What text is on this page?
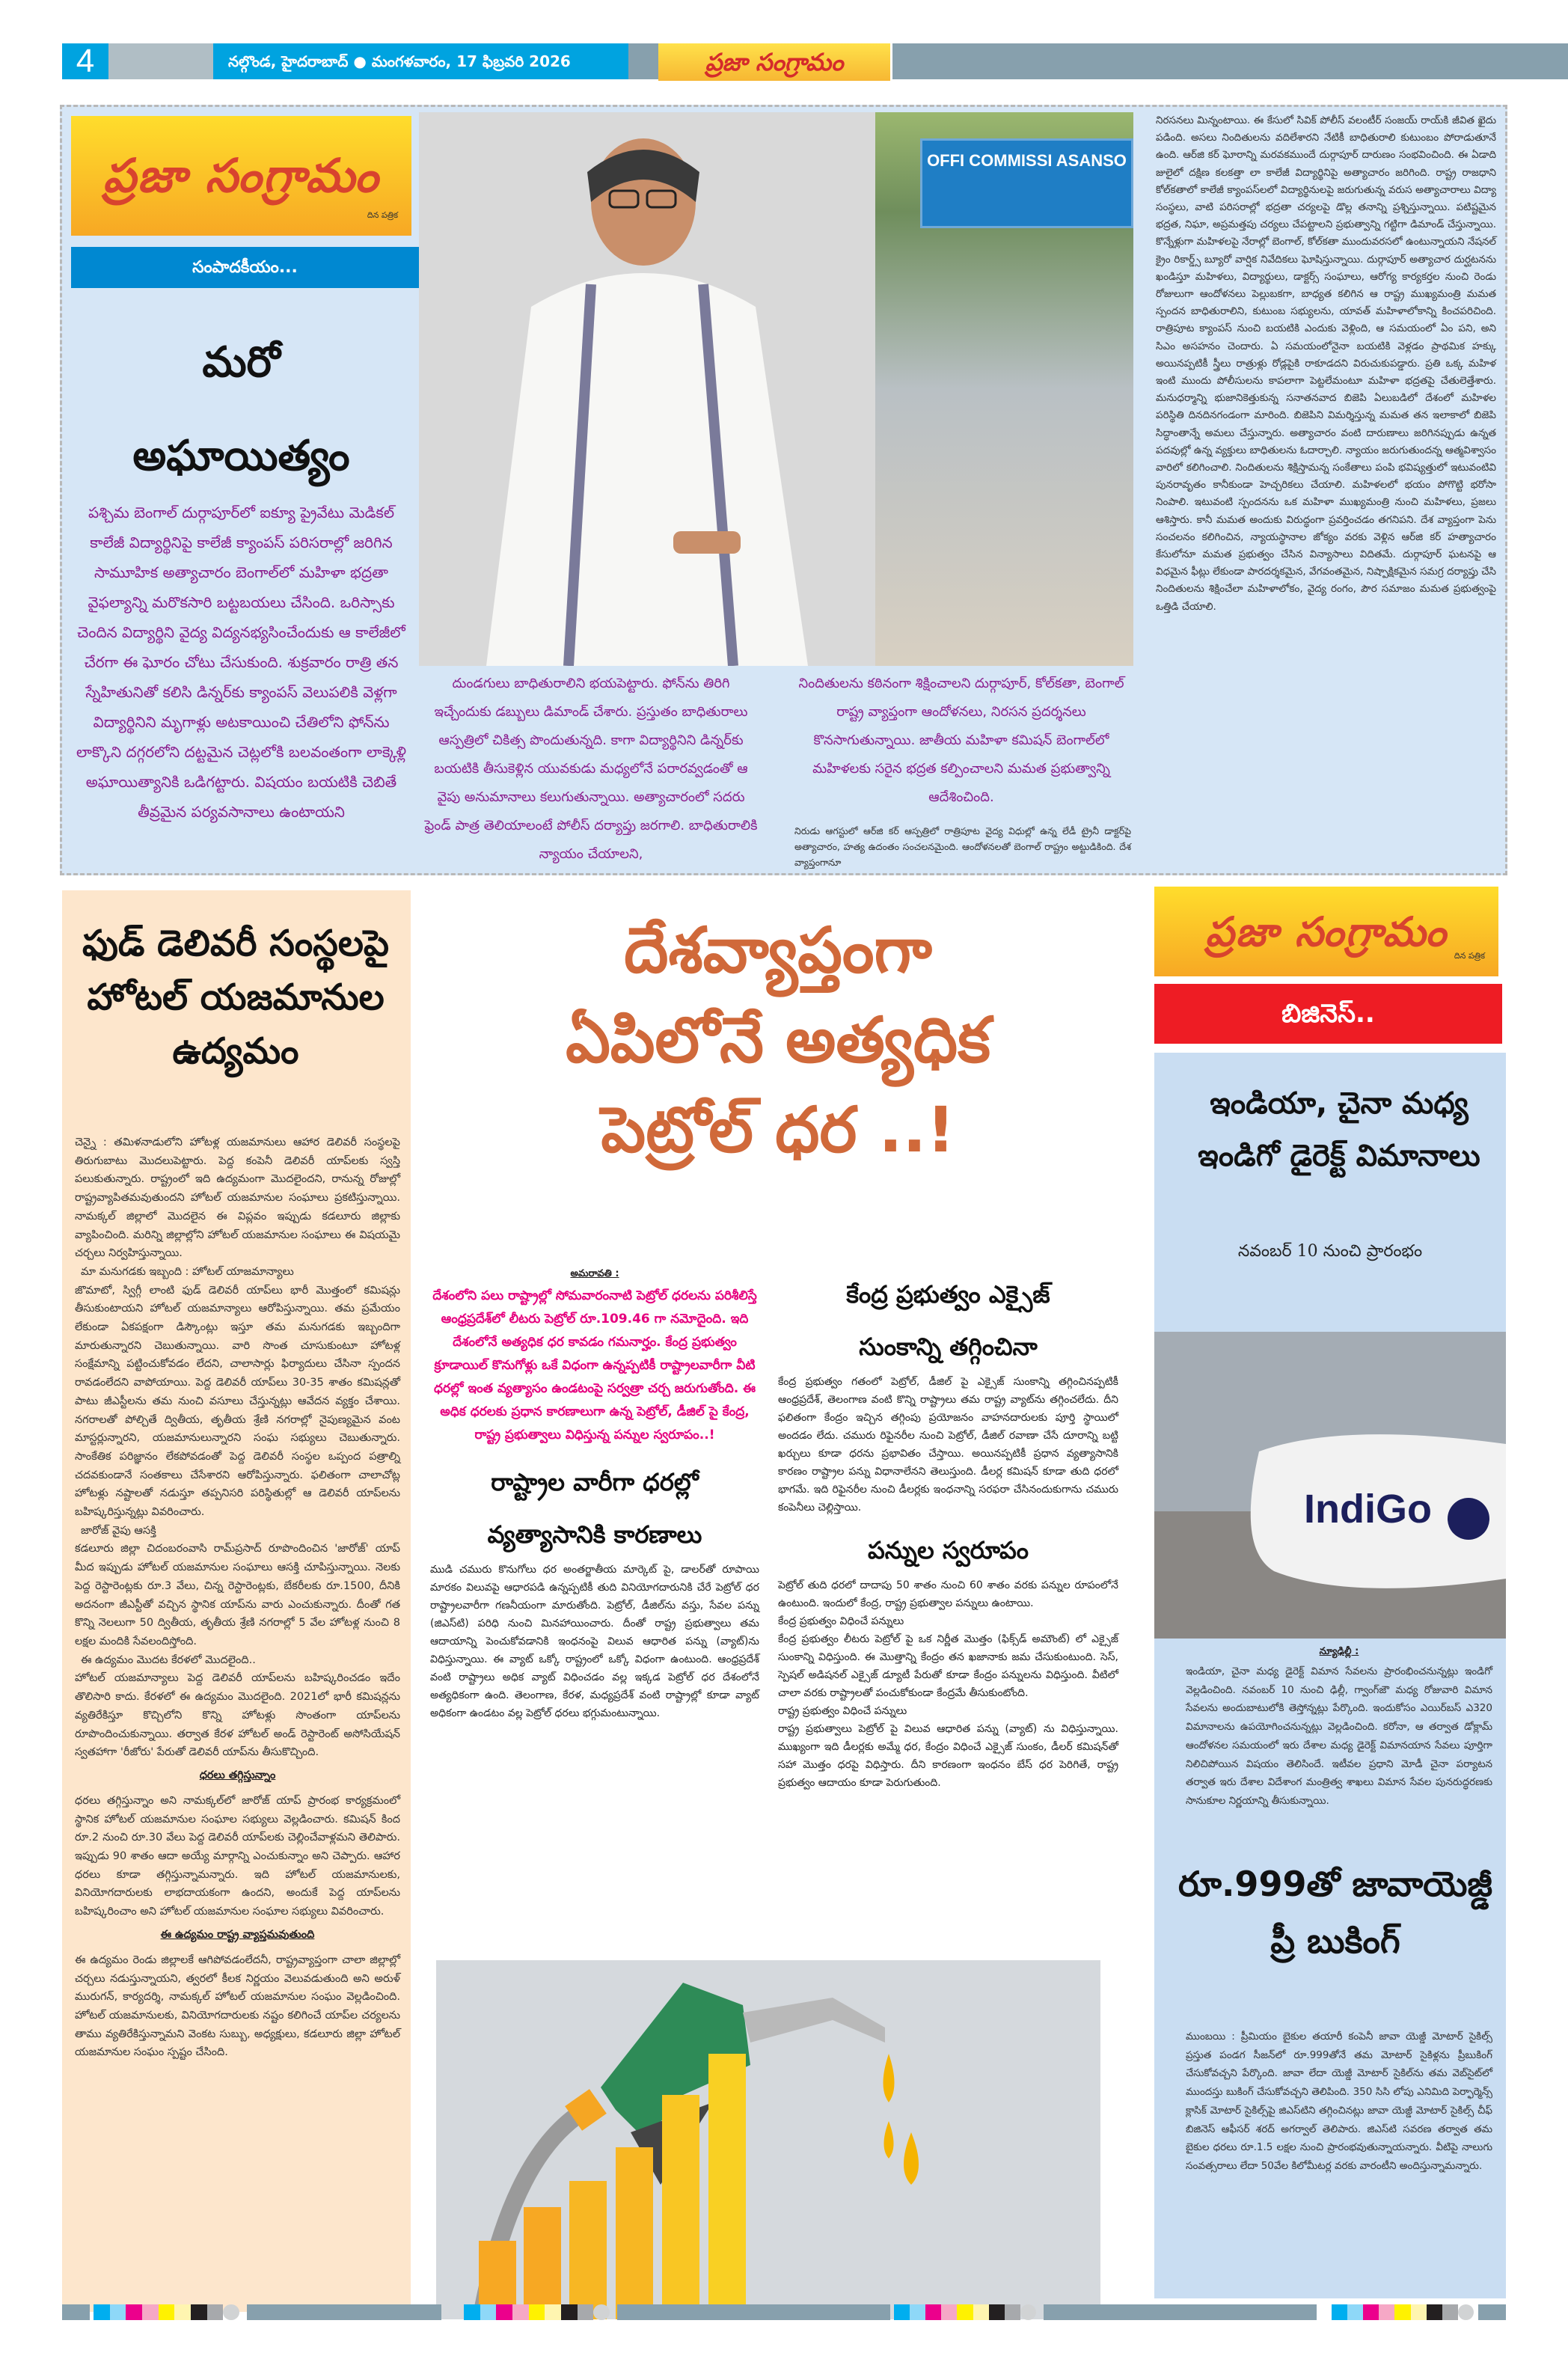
4	నల్గొండ, హైదరాబాద్ ● మంగళవారం, 17 ఫిబ్రవరి 2026	ప్రజా సంగ్రామం
ప్రజా సంగ్రామం
దిన పత్రిక
సంపాదకీయం...
మరో
అఘాయిత్యం
పశ్చిమ బెంగాల్ దుర్గాపూర్‌లో ఐక్యూ ప్రైవేటు మెడికల్ కాలేజీ విద్యార్థినిపై కాలేజీ క్యాంపస్ పరిసరాల్లో జరిగిన సామూహిక అత్యాచారం బెంగాల్‌లో మహిళా భద్రతా వైఫల్యాన్ని మరొకసారి బట్టబయలు చేసింది. ఒరిస్సాకు చెందిన విద్యార్థిని వైద్య విద్యనభ్యసించేందుకు ఆ కాలేజీలో చేరగా ఈ ఘోరం చోటు చేసుకుంది. శుక్రవారం రాత్రి తన స్నేహితునితో కలిసి డిన్నర్‌కు క్యాంపస్ వెలుపలికి వెళ్లగా విద్యార్థినిని మృగాళ్లు అటకాయించి చేతిలోని ఫోన్‌ను లాక్కొని దగ్గరలోని దట్టమైన చెట్లలోకి బలవంతంగా లాక్కెళ్లి అఘాయిత్యానికి ఒడిగట్టారు. విషయం బయటికి చెబితే తీవ్రమైన పర్యవసానాలు ఉంటాయని
OFFI COMMISSI ASANSO
దుండగులు బాధితురాలిని భయపెట్టారు. ఫోన్‌ను తిరిగి ఇచ్చేందుకు డబ్బులు డిమాండ్ చేశారు. ప్రస్తుతం బాధితురాలు ఆస్పత్రిలో చికిత్స పొందుతున్నది. కాగా విద్యార్థినిని డిన్నర్‌కు బయటికి తీసుకెళ్లిన యువకుడు మధ్యలోనే పరారవ్వడంతో ఆ వైపు అనుమానాలు కలుగుతున్నాయి. అత్యాచారంలో సదరు ఫ్రెండ్ పాత్ర తెలియాలంటే పోలీస్ దర్యాప్తు జరగాలి. బాధితురాలికి న్యాయం చేయాలని,
నిందితులను కఠినంగా శిక్షించాలని దుర్గాపూర్, కోల్‌కతా, బెంగాల్ రాష్ట్ర వ్యాప్తంగా ఆందోళనలు, నిరసన ప్రదర్శనలు కొనసాగుతున్నాయి. జాతీయ మహిళా కమిషన్ బెంగాల్‌లో మహిళలకు సరైన భద్రత కల్పించాలని మమత ప్రభుత్వాన్ని ఆదేశించింది.
నిరుడు ఆగస్టులో ఆర్‌జి కర్ ఆస్పత్రిలో రాత్రిపూట వైద్య విధుల్లో ఉన్న లేడీ ట్రైనీ డాక్టర్‌పై అత్యాచారం, హత్య ఉదంతం సంచలనమైంది. ఆందోళనలతో బెంగాల్ రాష్ట్రం అట్టుడికింది. దేశ వ్యాప్తంగానూ
నిరసనలు మిన్నంటాయి. ఈ కేసులో సివిక్ పోలీస్ వలంటీర్ సంజయ్ రాయ్‌కి జీవిత ఖైదు పడింది. అసలు నిందితులను వదిలేశారని నేటికీ బాధితురాలి కుటుంబం పోరాడుతూనే ఉంది. ఆర్‌జి కర్ ఘోరాన్ని మరవకముందే దుర్గాపూర్ దారుణం సంభవించింది. ఈ ఏడాది జులైలో దక్షిణ కలకత్తా లా కాలేజీ విద్యార్థినిపై అత్యాచారం జరిగింది. రాష్ట్ర రాజధాని కోల్‌కతాలో కాలేజీ క్యాంపస్‌లలో విద్యార్థినులపై జరుగుతున్న వరుస అత్యాచారాలు విద్యా సంస్థలు, వాటి పరిసరాల్లో భద్రతా చర్యలపై డొల్ల తనాన్ని ప్రశ్నిస్తున్నాయి. పటిష్టమైన భద్రత, నిఘా, అప్రమత్తపు చర్యలు చేపట్టాలని ప్రభుత్వాన్ని గట్టిగా డిమాండ్ చేస్తున్నాయి. కొన్నేళ్లుగా మహిళలపై నేరాల్లో బెంగాల్, కోల్‌కతా ముందువరసలో ఉంటున్నాయని నేషనల్ క్రైం రికార్డ్స్ బ్యూరో వార్షిక నివేదికలు ఘోషిస్తున్నాయి. దుర్గాపూర్ అత్యాచార దుర్ఘటనను ఖండిస్తూ మహిళలు, విద్యార్థులు, డాక్టర్స్ సంఘాలు, ఆరోగ్య కార్యకర్తల నుంచి రెండు రోజులుగా ఆందోళనలు పెల్లుబకగా, బాధ్యత కలిగిన ఆ రాష్ట్ర ముఖ్యమంత్రి మమత స్పందన బాధితురాలిని, కుటుంబ సభ్యులను, యావత్ మహిళాలోకాన్ని కించపరిచింది. రాత్రిపూట క్యాంపస్ నుంచి బయటికి ఎందుకు వెళ్లింది, ఆ సమయంలో ఏం పని, అని సిఎం అసహనం చెందారు. ఏ సమయంలోనైనా బయటికి వెళ్లడం ప్రాథమిక హక్కు అయినప్పటికీ స్త్రీలు రాత్రుళ్లు రోడ్లపైకి రాకూడదని విరుచుకుపడ్డారు. ప్రతి ఒక్క మహిళ ఇంటి ముందు పోలీసులను కాపలాగా పెట్టలేమంటూ మహిళా భద్రతపై చేతులెత్తేశారు. మనుధర్మాన్ని భుజానికెత్తుకున్న సనాతనవాద బిజెపి ఏలుబడిలో దేశంలో మహిళల పరిస్థితి దినదినగండంగా మారింది. బిజెపిని విమర్శిస్తున్న మమత తన ఇలాకాలో బిజెపి సిద్ధాంతాన్నే అమలు చేస్తున్నారు. అత్యాచారం వంటి దారుణాలు జరిగినప్పుడు ఉన్నత పదవుల్లో ఉన్న వ్యక్తులు బాధితులను ఓదార్చాలి. న్యాయం జరుగుతుందన్న ఆత్మవిశ్వాసం వారిలో కలిగించాలి. నిందితులను శిక్షిస్తామన్న సంకేతాలు పంపి భవిష్యత్తులో ఇటువంటివి పునరావృతం కానీకుండా హెచ్చరికలు చేయాలి. మహిళలలో భయం పోగొట్టి భరోసా నింపాలి. ఇటువంటి స్పందనను ఒక మహిళా ముఖ్యమంత్రి నుంచి మహిళలు, ప్రజలు ఆశిస్తారు. కానీ మమత అందుకు విరుద్ధంగా ప్రవర్తించడం తగనిపని. దేశ వ్యాప్తంగా పెను సంచలనం కలిగించిన, న్యాయస్థానాల జోక్యం వరకు వెళ్లిన ఆర్‌జి కర్ హత్యాచారం కేసులోనూ మమత ప్రభుత్వం చేసిన విన్యాసాలు విదితమే. దుర్గాపూర్ ఘటనపై ఆ విధమైన ఫీట్లు లేకుండా పారదర్శకమైన, వేగవంతమైన, నిష్పాక్షికమైన సమగ్ర దర్యాప్తు చేసి నిందితులను శిక్షించేలా మహిళాలోకం, వైద్య రంగం, పౌర సమాజం మమత ప్రభుత్వంపై ఒత్తిడి చేయాలి.
ఫుడ్ డెలివరీ సంస్థలపై హోటల్ యజమానుల ఉద్యమం

చెన్నై : తమిళనాడులోని హోటళ్ల యజమానులు ఆహార డెలివరీ సంస్థలపై తిరుగుబాటు మొదలుపెట్టారు. పెద్ద కంపెనీ డెలివరీ యాప్‌లకు స్వస్తి పలుకుతున్నారు. రాష్ట్రంలో ఇది ఉద్యమంగా మొదలైందని, రానున్న రోజుల్లో రాష్ట్రవ్యాపితమవుతుందని హోటల్ యజమానుల సంఘాలు ప్రకటిస్తున్నాయి. నామక్కల్ జిల్లాలో మొదలైన ఈ విప్లవం ఇప్పుడు కడలూరు జిల్లాకు వ్యాపించింది. మరిన్ని జిల్లాల్లోని హోటల్ యజమానుల సంఘాలు ఈ విషయమై చర్చలు నిర్వహిస్తున్నాయి.

మా మనుగడకు ఇబ్బంది : హోటల్ యాజమాన్యాలు

జొమాటో, స్విగ్గీ లాంటి ఫుడ్ డెలివరీ యాప్‌లు భారీ మొత్తంలో కమిషన్లు తీసుకుంటాయని హోటల్ యజమాన్యాలు ఆరోపిస్తున్నాయి. తమ ప్రమేయం లేకుండా ఏకపక్షంగా డిస్కౌంట్లు ఇస్తూ తమ మనుగడకు ఇబ్బందిగా మారుతున్నారని చెబుతున్నాయి. వారి సొంత చూసుకుంటూ హోటళ్ల సంక్షేమాన్ని పట్టించుకోవడం లేదని, చాలాసార్లు ఫిర్యాదులు చేసినా స్పందన రావడంలేదని వాపోయాయి. పెద్ద డెలివరీ యాప్‌లు 30-35 శాతం కమిషన్లతో పాటు జీఎస్టీలను తమ నుంచి వసూలు చేస్తున్నట్లు ఆవేదన వ్యక్తం చేశాయి. నగరాలతో పోల్చితే ద్వితీయ, తృతీయ శ్రేణి నగరాల్లో నైపుణ్యమైన వంట మాస్టర్లున్నారని, యజమానులున్నారని సంఘ సభ్యులు చెబుతున్నారు. సాంకేతిక పరిజ్ఞానం లేకపోవడంతో పెద్ద డెలివరీ సంస్థల ఒప్పంద పత్రాల్ని చదవకుండానే సంతకాలు చేసేశారని ఆరోపిస్తున్నారు. ఫలితంగా చాలాచోట్ల హోటళ్లు నష్టాలతో నడుస్తూ తప్పనిసరి పరిస్థితుల్లో ఆ డెలివరీ యాప్‌లను బహిష్కరిస్తున్నట్లు వివరించారు.

జారోజ్ వైపు ఆసక్తి

కడలూరు జిల్లా చిదంబరంవాసి రామ్‌ప్రసాద్ రూపొందించిన 'జారోజ్' యాప్ మీద ఇప్పుడు హోటల్ యజమానుల సంఘాలు ఆసక్తి చూపిస్తున్నాయి. నెలకు పెద్ద రెస్టారెంట్లకు రూ.3 వేలు, చిన్న రెస్టారెంట్లకు, బేకరీలకు రూ.1500, దీనికి అదనంగా జీఎస్టీతో వచ్చిన స్థానిక యాప్‌ను వారు ఎంచుకున్నారు. దీంతో గత కొన్ని నెలలుగా 50 ద్వితీయ, తృతీయ శ్రేణి నగరాల్లో 5 వేల హోటళ్ల నుంచి 8 లక్షల మందికి సేవలందిస్తోంది.

ఈ ఉద్యమం మొదట కేరళలో మొదలైంది..

హోటల్ యజమాన్యాలు పెద్ద డెలివరీ యాప్‌లను బహిష్కరించడం ఇదేం తొలిసారి కాదు. కేరళలో ఈ ఉద్యమం మొదలైంది. 2021లో భారీ కమిషన్లను వ్యతిరేకిస్తూ కొచ్చిలోని కొన్ని హోటళ్లు సొంతంగా యాప్‌లను రూపొందించుకున్నాయి. తర్వాత కేరళ హోటల్ అండ్ రెస్టారెంట్ అసోసియేషన్ స్వతహాగా 'రీజోరు' పేరుతో డెలివరీ యాప్‌ను తీసుకొచ్చింది.

ధరలు తగ్గిస్తున్నాం

ధరలు తగ్గిస్తున్నాం అని నామక్కల్‌లో జారోజ్ యాప్ ప్రారంభ కార్యక్రమంలో స్థానిక హోటల్ యజమానుల సంఘాల సభ్యులు వెల్లడించారు. కమిషన్ కింద రూ.2 నుంచి రూ.30 వేలు పెద్ద డెలివరీ యాప్‌లకు చెల్లించేవాళ్లమని తెలిపారు. ఇప్పుడు 90 శాతం ఆదా అయ్యే మార్గాన్ని ఎంచుకున్నాం అని చెప్పారు. ఆహార ధరలు కూడా తగ్గిస్తున్నామన్నారు. ఇది హోటల్ యజమానులకు, వినియోగదారులకు లాభదాయకంగా ఉందని, అందుకే పెద్ద యాప్‌లను బహిష్కరించాం అని హోటల్ యజమానుల సంఘాల సభ్యులు వివరించారు.

ఈ ఉద్యమం రాష్ట్ర వ్యాప్తమవుతుంది

ఈ ఉద్యమం రెండు జిల్లాలకే ఆగిపోవడంలేదనీ, రాష్ట్రవ్యాప్తంగా చాలా జిల్లాల్లో చర్చలు నడుస్తున్నాయని, త్వరలో కీలక నిర్ణయం వెలువడుతుంది అని అరుళ్ మురుగన్, కార్యదర్శి, నామక్కల్ హోటల్ యజమానుల సంఘం వెల్లడించింది. హోటల్ యజమానులకు, వినియోగదారులకు నష్టం కలిగించే యాప్‌ల చర్యలను తాము వ్యతిరేకిస్తున్నామని వెంకట సుబ్బు, అధ్యక్షులు, కడలూరు జిల్లా హోటల్ యజమానుల సంఘం స్పష్టం చేసింది.

దేశవ్యాప్తంగా
ఏపిలోనే అత్యధిక
పెట్రోల్ ధర ..!

అమరావతి :

దేశంలోని పలు రాష్ట్రాల్లో సోమవారంనాటి పెట్రోల్ ధరలను పరిశీలిస్తే ఆంధ్రప్రదేశ్‌లో లీటరు పెట్రోల్ రూ.109.46 గా నమోదైంది. ఇది దేశంలోనే అత్యధిక ధర కావడం గమనార్హం. కేంద్ర ప్రభుత్వం క్రూడాయిల్ కొనుగోళ్లు ఒకే విధంగా ఉన్నప్పటికీ రాష్ట్రాలవారీగా వీటి ధరల్లో ఇంత వ్యత్యాసం ఉండటంపై సర్వత్రా చర్చ జరుగుతోంది. ఈ అధిక ధరలకు ప్రధాన కారణాలుగా ఉన్న పెట్రోల్, డీజిల్ పై కేంద్ర, రాష్ట్ర ప్రభుత్వాలు విధిస్తున్న పన్నుల స్వరూపం..!

రాష్ట్రాల వారీగా ధరల్లో

వ్యత్యాసానికి కారణాలు

ముడి చమురు కొనుగోలు ధర అంతర్జాతీయ మార్కెట్ పై, డాలర్‌తో రూపాయి మారకం విలువపై ఆధారపడి ఉన్నప్పటికీ తుది వినియోగదారునికి చేరే పెట్రోల్ ధర రాష్ట్రాలవారీగా గణనీయంగా మారుతోంది. పెట్రోల్, డీజిల్‌ను వస్తు, సేవల పన్ను (జిఎస్‌టి) పరిధి నుంచి మినహాయించారు. దీంతో రాష్ట్ర ప్రభుత్వాలు తమ ఆదాయాన్ని పెంచుకోవడానికి ఇంధనంపై విలువ ఆధారిత పన్ను (వ్యాట్)ను విధిస్తున్నాయి. ఈ వ్యాట్ ఒక్కో రాష్ట్రంలో ఒక్కో విధంగా ఉంటుంది. ఆంధ్రప్రదేశ్ వంటి రాష్ట్రాలు అధిక వ్యాట్ విధించడం వల్ల ఇక్కడ పెట్రోల్ ధర దేశంలోనే అత్యధికంగా ఉంది. తెలంగాణ, కేరళ, మధ్యప్రదేశ్ వంటి రాష్ట్రాల్లో కూడా వ్యాట్ అధికంగా ఉండటం వల్ల పెట్రోల్ ధరలు భగ్గుమంటున్నాయి.

కేంద్ర ప్రభుత్వం ఎక్సైజ్

సుంకాన్ని తగ్గించినా

కేంద్ర ప్రభుత్వం గతంలో పెట్రోల్, డీజిల్ పై ఎక్సైజ్ సుంకాన్ని తగ్గించినప్పటికీ ఆంధ్రప్రదేశ్, తెలంగాణ వంటి కొన్ని రాష్ట్రాలు తమ రాష్ట్ర వ్యాట్‌ను తగ్గించలేదు. దీని ఫలితంగా కేంద్రం ఇచ్చిన తగ్గింపు ప్రయోజనం వాహనదారులకు పూర్తి స్థాయిలో అందడం లేదు. చమురు రిఫైనరీల నుంచి పెట్రోల్, డీజిల్ రవాణా చేసే దూరాన్ని బట్టి ఖర్చులు కూడా ధరను ప్రభావితం చేస్తాయి. అయినప్పటికీ ప్రధాన వ్యత్యాసానికి కారణం రాష్ట్రాల పన్ను విధానాలేనని తెలుస్తుంది. డీలర్ల కమిషన్ కూడా తుది ధరలో భాగమే. ఇది రిఫైనరీల నుంచి డీలర్లకు ఇంధనాన్ని సరఫరా చేసినందుకుగాను చమురు కంపెనీలు చెల్లిస్తాయి.

పన్నుల స్వరూపం

పెట్రోల్ తుది ధరలో దాదాపు 50 శాతం నుంచి 60 శాతం వరకు పన్నుల రూపంలోనే ఉంటుంది. ఇందులో కేంద్ర, రాష్ట్ర ప్రభుత్వాల పన్నులు ఉంటాయి.

కేంద్ర ప్రభుత్వం విధించే పన్నులు

కేంద్ర ప్రభుత్వం లీటరు పెట్రోల్ పై ఒక నిర్ణీత మొత్తం (ఫిక్స్‌డ్ అమౌంట్) లో ఎక్సైజ్ సుంకాన్ని విధిస్తుంది. ఈ మొత్తాన్ని కేంద్రం తన ఖజానాకు జమ చేసుకుంటుంది. సెస్, స్పెషల్ అడిషనల్ ఎక్సైజ్ డ్యూటీ పేరుతో కూడా కేంద్రం పన్నులను విధిస్తుంది. వీటిలో చాలా వరకు రాష్ట్రాలతో పంచుకోకుండా కేంద్రమే తీసుకుంటోంది.

రాష్ట్ర ప్రభుత్వం విధించే పన్నులు

రాష్ట్ర ప్రభుత్వాలు పెట్రోల్ పై విలువ ఆధారిత పన్ను (వ్యాట్) ను విధిస్తున్నాయి. ముఖ్యంగా ఇది డీలర్లకు అమ్మే ధర, కేంద్రం విధించే ఎక్సైజ్ సుంకం, డీలర్ కమిషన్‌తో సహా మొత్తం ధరపై విధిస్తారు. దీని కారణంగా ఇంధనం బేస్ ధర పెరిగితే, రాష్ట్ర ప్రభుత్వం ఆదాయం కూడా పెరుగుతుంది.

ప్రజా సంగ్రామం
దిన పత్రిక
బిజినెస్..
ఇండియా, చైనా మధ్య ఇండిగో డైరెక్ట్ విమానాలు
నవంబర్ 10 నుంచి ప్రారంభం
IndiGo

న్యూఢిల్లీ :

ఇండియా, చైనా మధ్య డైరెక్ట్ విమాన సేవలను ప్రారంభించనున్నట్లు ఇండిగో వెల్లడించింది. నవంబర్ 10 నుంచి ఢిల్లీ, గ్వాంగ్‌జౌ మధ్య రోజువారి విమాన సేవలను అందుబాటులోకి తెస్తోన్నట్లు పేర్కొంది. ఇందుకోసం ఎయిర్‌బస్ ఎ320 విమానాలను ఉపయోగించనున్నట్లు వెల్లడించింది. కరోనా, ఆ తర్వాత డోక్లామ్ ఆందోళనల సమయంలో ఇరు దేశాల మధ్య డైరెక్ట్ విమానయాన సేవలు పూర్తిగా నిలిచిపోయిన విషయం తెలిసిందే. ఇటీవల ప్రధాని మోడీ చైనా పర్యాటన తర్వాత ఇరు దేశాల విదేశాంగ మంత్రిత్వ శాఖలు విమాన సేవల పునరుద్ధరణకు సానుకూల నిర్ణయాన్ని తీసుకున్నాయి.

రూ.999తో జావాయెజ్డీ ప్రీ బుకింగ్
ముంబయి : ప్రీమియం బైకుల తయారీ కంపెనీ జావా యెజ్డీ మోటార్ సైకిల్స్ ప్రస్తుత పండగ సీజన్‌లో రూ.999తోనే తమ మోటార్ సైకిళ్లను ప్రీబుకింగ్ చేసుకోవచ్చని పేర్కొంది. జావా లేదా యెజ్డీ మోటార్ సైకిల్‌ను తమ వెబ్‌సైట్‌లో ముందస్తు బుకింగ్ చేసుకోవచ్చని తెలిపింది. 350 సిసి లోపు ఎనిమిది పెర్ఫార్మెన్స్ క్లాసిక్ మోటార్ సైకిల్స్‌పై జిఎస్‌టిని తగ్గించినట్లు జావా యెజ్డీ మోటార్ సైకిల్స్ చీఫ్ బిజినెస్ ఆఫీసర్ శరద్ అగర్వాల్ తెలిపారు. జిఎస్‌టి సవరణ తర్వాత తమ బైకుల ధరలు రూ.1.5 లక్షల నుంచి ప్రారంభవుతున్నాయన్నారు. వీటిపై నాలుగు సంవత్సరాలు లేదా 50వేల కిలోమీటర్ల వరకు వారంటీని అందిస్తున్నామన్నారు.
